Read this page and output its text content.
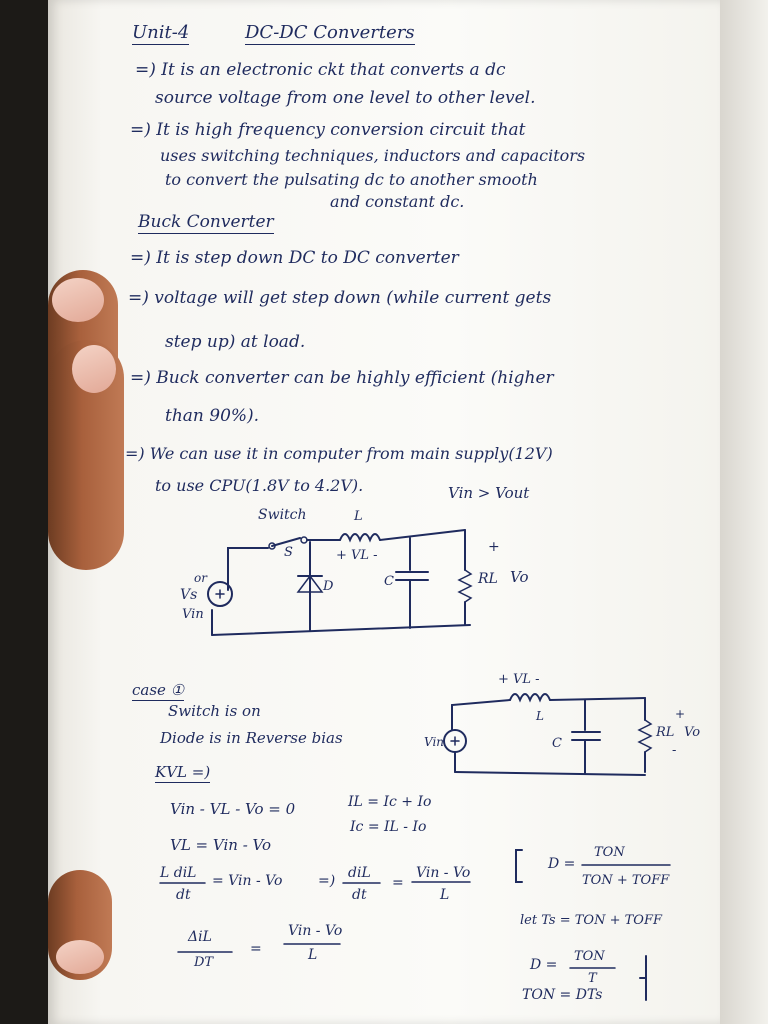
Unit-4	DC-DC Converters
=) It is an electronic ckt that converts a dc
source voltage from one level to other level.
=) It is high frequency conversion circuit that
uses switching techniques, inductors and capacitors
to convert the pulsating dc to another smooth
and constant dc.
Buck Converter
=) It is step down DC to DC converter
=) voltage will get step down (while current gets
step up) at load.
=) Buck converter can be highly efficient (higher
than 90%).
=) We can use it in computer from main supply(12V)
to use CPU(1.8V to 4.2V).	Vin > Vout
Switch	L
S	+ VL -
D	C	RL
+
Vo
or
Vs
Vin
case ①
Switch is on
Diode is in Reverse bias
KVL =)
+ VL -
L
C
RL
+
Vo
-
Vin
Vin - VL - Vo = 0
VL = Vin - Vo
IL = Ic + Io
Ic = IL - Io
L diL
dt
= Vin - Vo	=) diL
dt
=
Vin - Vo
L
D =
TON
TON + TOFF
ΔiL
DT
=
Vin - Vo
L
let Ts = TON + TOFF
D =
TON
T
TON = DTs
